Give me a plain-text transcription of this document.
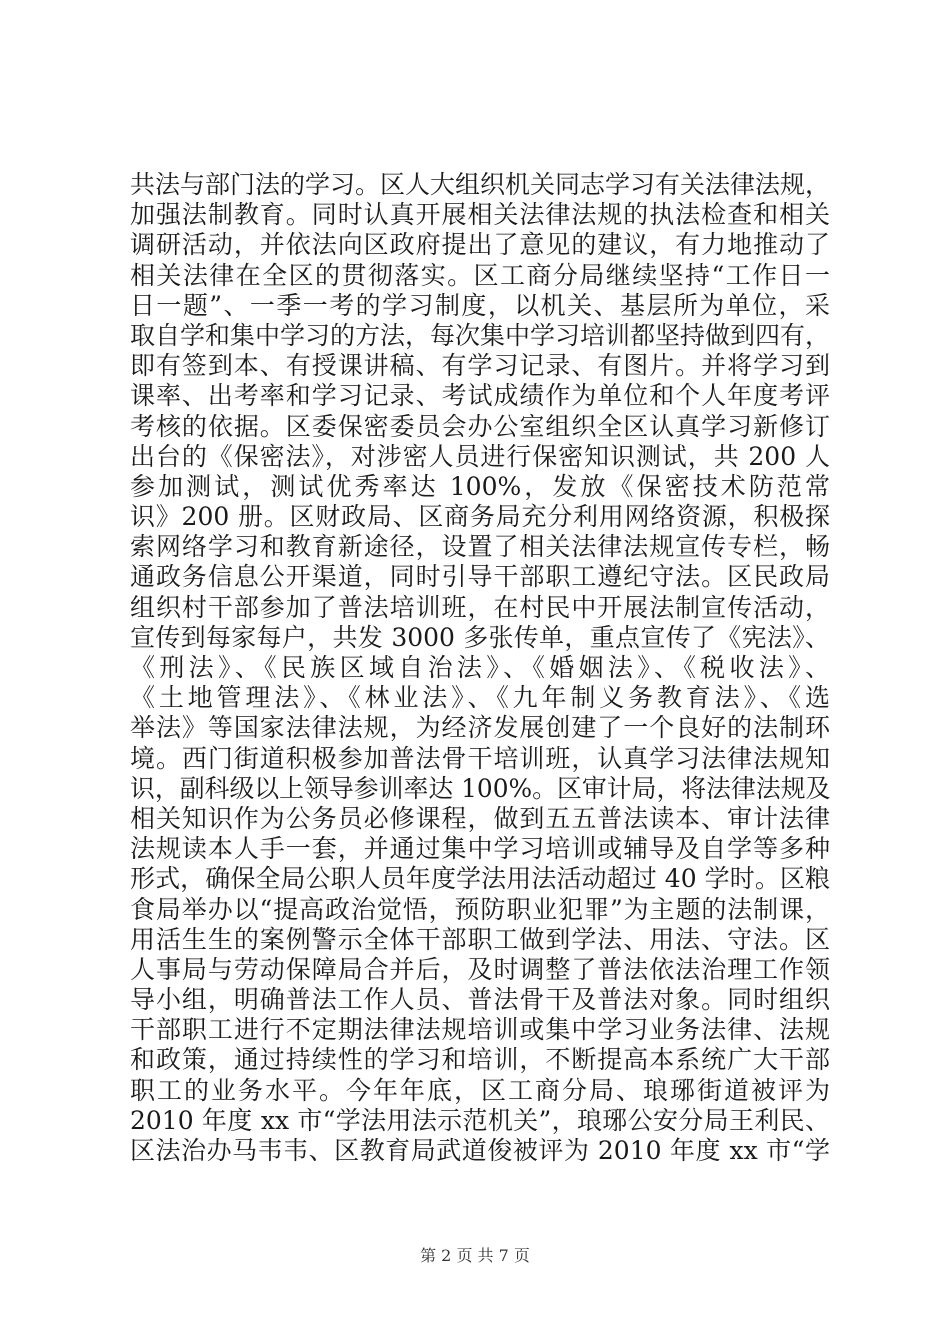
共法与部门法的学习。区人大组织机关同志学习有关法律法规，
加强法制教育。同时认真开展相关法律法规的执法检查和相关
调研活动，并依法向区政府提出了意见的建议，有力地推动了
相关法律在全区的贯彻落实。区工商分局继续坚持“工作日一
日一题”、一季一考的学习制度，以机关、基层所为单位，采
取自学和集中学习的方法，每次集中学习培训都坚持做到四有，
即有签到本、有授课讲稿、有学习记录、有图片。并将学习到
课率、出考率和学习记录、考试成绩作为单位和个人年度考评
考核的依据。区委保密委员会办公室组织全区认真学习新修订
出台的《保密法》，对涉密人员进行保密知识测试，共 200 人
参加测试，测试优秀率达 100%，发放《保密技术防范常
识》200 册。区财政局、区商务局充分利用网络资源，积极探
索网络学习和教育新途径，设置了相关法律法规宣传专栏，畅
通政务信息公开渠道，同时引导干部职工遵纪守法。区民政局
组织村干部参加了普法培训班，在村民中开展法制宣传活动，
宣传到每家每户，共发 3000 多张传单，重点宣传了《宪法》、
《刑法》、《民族区域自治法》、《婚姻法》、《税收法》、
《土地管理法》、《林业法》、《九年制义务教育法》、《选
举法》等国家法律法规，为经济发展创建了一个良好的法制环
境。西门街道积极参加普法骨干培训班，认真学习法律法规知
识，副科级以上领导参训率达 100%。区审计局，将法律法规及
相关知识作为公务员必修课程，做到五五普法读本、审计法律
法规读本人手一套，并通过集中学习培训或辅导及自学等多种
形式，确保全局公职人员年度学法用法活动超过 40 学时。区粮
食局举办以“提高政治觉悟，预防职业犯罪”为主题的法制课，
用活生生的案例警示全体干部职工做到学法、用法、守法。区
人事局与劳动保障局合并后，及时调整了普法依法治理工作领
导小组，明确普法工作人员、普法骨干及普法对象。同时组织
干部职工进行不定期法律法规培训或集中学习业务法律、法规
和政策，通过持续性的学习和培训，不断提高本系统广大干部
职工的业务水平。今年年底，区工商分局、琅琊街道被评为
2010 年度 xx 市“学法用法示范机关”，琅琊公安分局王利民、
区法治办马韦韦、区教育局武道俊被评为 2010 年度 xx 市“学
第 2 页 共 7 页
